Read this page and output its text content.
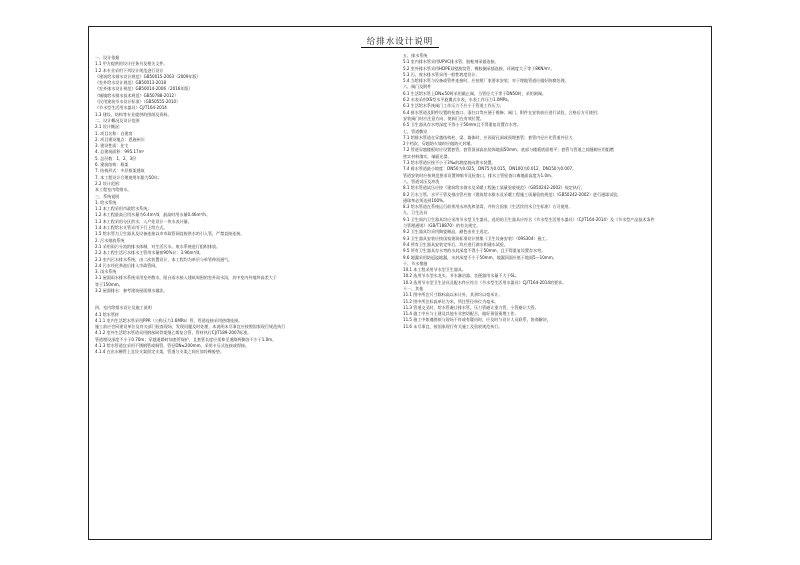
给排水设计说明
一、设计依据
1.1 甲方提供的设计任务书及相关文件。
1.2 本专业采用下列设计规范进行设计
《建筑给水排水设计规范》GB50015-2003（2009年版）
《室外给水设计规范》GB50013-2018
《室外排水设计规范》GB50014-2006（2016年版）
《城镇给水排水技术规范》GB50788-2012）
《民用建筑节水设计标准》（GB50555-2010）
《节水型生活用水器具》CJ/T164-2014
1.3 建设、结构等专业提供的图纸及资料。
二、设计概况及设计范围
2.1 设计概况：
1. 项目名称：自建房
2. 项目建设地点：恩施州川
3. 建设性质：住宅
4. 总建筑面积：995.17m²
5. 总层数：1、2、3层
6. 建筑结构：框架
7. 结构形式：多层框架建筑
7. 本工程设计合理使用年限为50年；
2.2 设计范围：
本工程室内给排水。
三、系统说明
1. 给水系统
1.1 本工程采用市政给水系统；
1.2 本工程最高日用水量为6.4m³/d，最高时用水量0.46m³/h。
1.3 本工程采用分区供水，入户处设计一块水表计量。
1.4 本工程给水支管采用下行上给方式。
1.5 给水管为卫生器具及设备连接以市市政管网直接供水的引入管，严禁直接连接。
2. 污水排放系统
2.1 采用雨污分流的排水体制，对生活污水、废水系统进行组织排放。
2.2 本工程生活污水排水主管用水量按90%计：3.96m³/d。
2.3 室内污水排水系统，由二次装置设计，本工程均为单层与单管伸顶通气。
2.4 污水经化粪池后排入市政管网。
3. 雨水系统
3.1 屋面雨水排水系统采用室外散水，阳台雨水接入建筑周围的室外雨水沟，其中室内外地坪高差大于
等于150mm。
3.2 屋面排水：参考建筑屋面排水做法。
四、室内给排水设计及施工说明
4.1 给水管材
4.1.1 室内生活给水管采用PPR（公称压力1.6MPa）管，管道连接采用热熔连接。
施工前应会同建设单位及有关部门检查现场，发现问题及时处理，本说明未尽事宜应按照国家现行规范执行
4.1.2 室外生活给水管道采用钢丝网骨架聚乙烯复合管，管材执行CJ/T189-2007标准。
管道埋设深度不小于0.70m；穿越道路时加套管保护，且套管长度应延伸至道路两侧各不少于1.0m。
4.1.3 给水管道宜采用不锈钢管或铜管，管径DN≤200mm，采用卡压式连接或焊接。
4.1.4 在出水横管上宜设支架固定支架，管道与支架之间应加设橡胶垫。
五、排水系统
5.1 室内排水管采用UPVC排水管，胶粘剂承插连接。
5.2 室外排水管采用HDPE双壁波纹管，橡胶圈承插连接，环刚度大于等于8KN/m²。
5.3 污、废水排水管采用一般性坡度设计。
5.4 当给排水管与设备或管件连接时，应按照厂家要求安装；对于埋地管道应做好防腐处理。
六、阀门及附件
6.1 生活给水管上DN≤50时采用截止阀，当管径大于等于DN50时，采用闸阀。
6.2 水表采用XS型水平旋翼式水表，水表工作压力1.0MPa。
6.3 生活给水系统阀门工作压力不应小于管道工作压力。
6.4 排水管道及附件设置的检查口、清扫口等应便于维修；阀门、附件在安装前应进行试验，合格后方可使用；
安装阀门时应注意方向，使阀门在有效位置。
6.5 卫生器具存水弯深度不得小于50mm且不得重复设置存水弯。
七、管道敷设
7.1 给排水管道在穿越结构柱、梁、墙体时，应预留孔洞或预埋套管；套管内径应比管道外径大
2个档次，穿越防火墙时应做防火封堵。
7.2 管道穿越楼板时应设置套管，套管顶部高出装饰地面50mm，底部与楼板底面相平；套管与管道之间缝隙应用阻燃
密实材料填实，端面光滑。
7.3 给水管道应按不小于3‰的坡度坡向泄水装置。
7.4 排水管道最小坡度：DN50为0.025，DN75为0.015，DN100为0.012，DN150为0.007。
管道安装时应按规范要求设置伸缩节及检查口，排水立管检查口离地面高度为1.0m。
八、管道试压及冲洗
8.1 给水管道试压应按《建筑给水排水及采暖工程施工质量验收规范》（GB50242-2002）规定执行。
8.2 污水立管、水平干管及排出管应按《建筑给水排水及采暖工程施工质量验收规范》（GB50242-2002）进行通球试验，
通球率必须达到100%。
8.3 给水管道在系统运行前须用水冲洗和消毒，并符合国家《生活饮用水卫生标准》方可使用。
九、卫生洁具
9.1 卫生间内卫生器具均应采用节水型卫生器具，选用的卫生器具应符合《节水型生活用水器具》（CJ/T164-2014）及《节水型产品技术条件
与管理通则》（GB/T18870）的有关规定。
9.2 卫生器具均采用陶瓷制品，颜色由业主选定。
9.3 卫生器具安装应按国家建筑标准设计图集《卫生设备安装》（09S304）施工。
9.4 所有卫生器具安装完毕后，均应进行满水和通水试验。
9.5 所有卫生器具存水弯的水封深度不得小于50mm，且不得重复设置存水弯。
9.6 地漏采用防返溢地漏，水封深度不小于50mm，地漏顶面应低于地面5～10mm。
十、节水措施
10.1 本工程采用节水型卫生器具。
10.2 选用节水型水龙头、节水淋浴器、坐便器用水量不大于6L。
10.3 选用节水型卫生洁具及配水件应符合《节水型生活用水器具》CJ/T164-2014的要求。
十一、其他
11.1 图中所注尺寸除标高以米计外，其余均以毫米计。
11.2 图中所注标高单位为米，所注管径单位为毫米。
11.3 管道交叉时，给水管避让排水管，压力管避让重力管，小管避让大管。
11.4 施工中应与土建及其他专业密切配合，做好预留预埋工作。
11.5 施工中如遇图纸与现场不符或有疑问时，应及时与设计人员联系，协商解决。
11.6 未尽事宜，按国家现行有关施工及验收规范执行。
